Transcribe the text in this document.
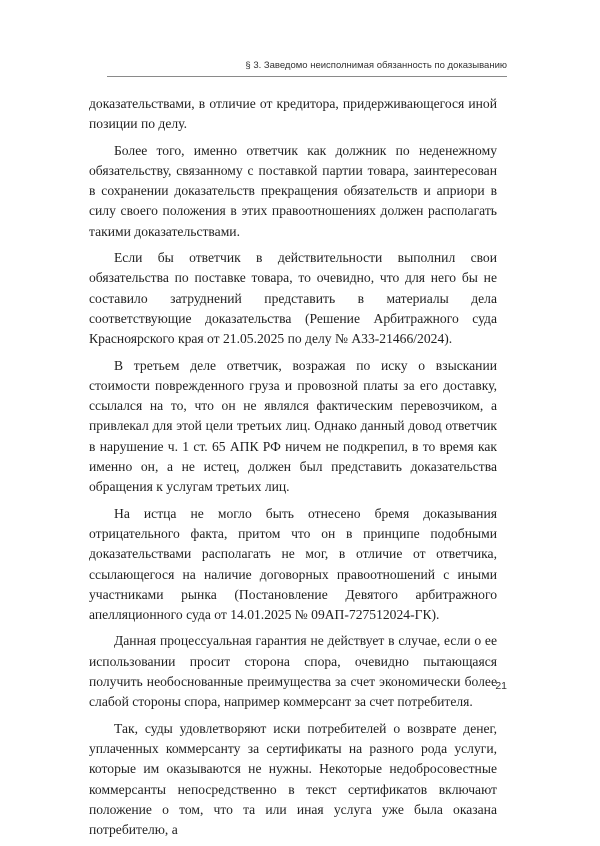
§ 3. Заведомо неисполнимая обязанность по доказыванию

доказательствами, в отличие от кредитора, придерживающегося иной позиции по делу.

Более того, именно ответчик как должник по неденежному обязательству, связанному с поставкой партии товара, заинтересован в сохранении доказательств прекращения обязательств и априори в силу своего положения в этих правоотношениях должен располагать такими доказательствами.

Если бы ответчик в действительности выполнил свои обязательства по поставке товара, то очевидно, что для него бы не составило затруднений представить в материалы дела соответствующие доказательства (Решение Арбитражного суда Красноярского края от 21.05.2025 по делу № А33-21466/2024).

В третьем деле ответчик, возражая по иску о взыскании стоимости поврежденного груза и провозной платы за его доставку, ссылался на то, что он не являлся фактическим перевозчиком, а привлекал для этой цели третьих лиц. Однако данный довод ответчик в нарушение ч. 1 ст. 65 АПК РФ ничем не подкрепил, в то время как именно он, а не истец, должен был представить доказательства обращения к услугам третьих лиц.

На истца не могло быть отнесено бремя доказывания отрицательного факта, притом что он в принципе подобными доказательствами располагать не мог, в отличие от ответчика, ссылающегося на наличие договорных правоотношений с иными участниками рынка (Постановление Девятого арбитражного апелляционного суда от 14.01.2025 № 09АП-727512024-ГК).

Данная процессуальная гарантия не действует в случае, если о ее использовании просит сторона спора, очевидно пытающаяся получить необоснованные преимущества за счет экономически более слабой стороны спора, например коммерсант за счет потребителя.

Так, суды удовлетворяют иски потребителей о возврате денег, уплаченных коммерсанту за сертификаты на разного рода услуги, которые им оказываются не нужны. Некоторые недобросовестные коммерсанты непосредственно в текст сертификатов включают положение о том, что та или иная услуга уже была оказана потребителю, а

21
